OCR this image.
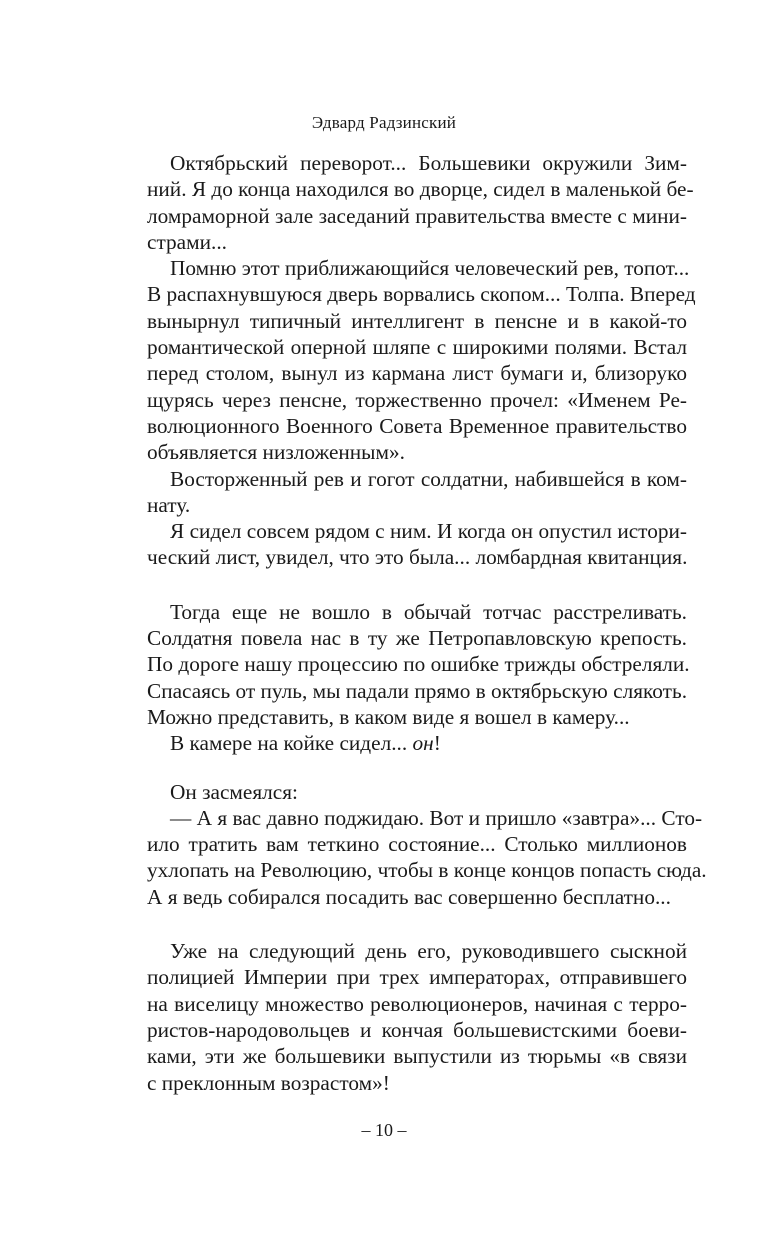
Эдвард Радзинский
Октябрьский переворот... Большевики окружили Зим-
ний. Я до конца находился во дворце, сидел в маленькой бе-
ломраморной зале заседаний правительства вместе с мини-
страми...
Помню этот приближающийся человеческий рев, топот...
В распахнувшуюся дверь ворвались скопом... Толпа. Вперед
вынырнул типичный интеллигент в пенсне и в какой-то
романтической оперной шляпе с широкими полями. Встал
перед столом, вынул из кармана лист бумаги и, близоруко
щурясь через пенсне, торжественно прочел: «Именем Ре-
волюционного Военного Совета Временное правительство
объявляется низложенным».
Восторженный рев и гогот солдатни, набившейся в ком-
нату.
Я сидел совсем рядом с ним. И когда он опустил истори-
ческий лист, увидел, что это была... ломбардная квитанция.
Тогда еще не вошло в обычай тотчас расстреливать.
Солдатня повела нас в ту же Петропавловскую крепость.
По дороге нашу процессию по ошибке трижды обстреляли.
Спасаясь от пуль, мы падали прямо в октябрьскую слякоть.
Можно представить, в каком виде я вошел в камеру...
В камере на койке сидел... он!
Он засмеялся:
— А я вас давно поджидаю. Вот и пришло «завтра»... Сто-
ило тратить вам теткино состояние... Столько миллионов
ухлопать на Революцию, чтобы в конце концов попасть сюда.
А я ведь собирался посадить вас совершенно бесплатно...
Уже на следующий день его, руководившего сыскной
полицией Империи при трех императорах, отправившего
на виселицу множество революционеров, начиная с терро-
ристов-народовольцев и кончая большевистскими боеви-
ками, эти же большевики выпустили из тюрьмы «в связи
с преклонным возрастом»!
– 10 –
